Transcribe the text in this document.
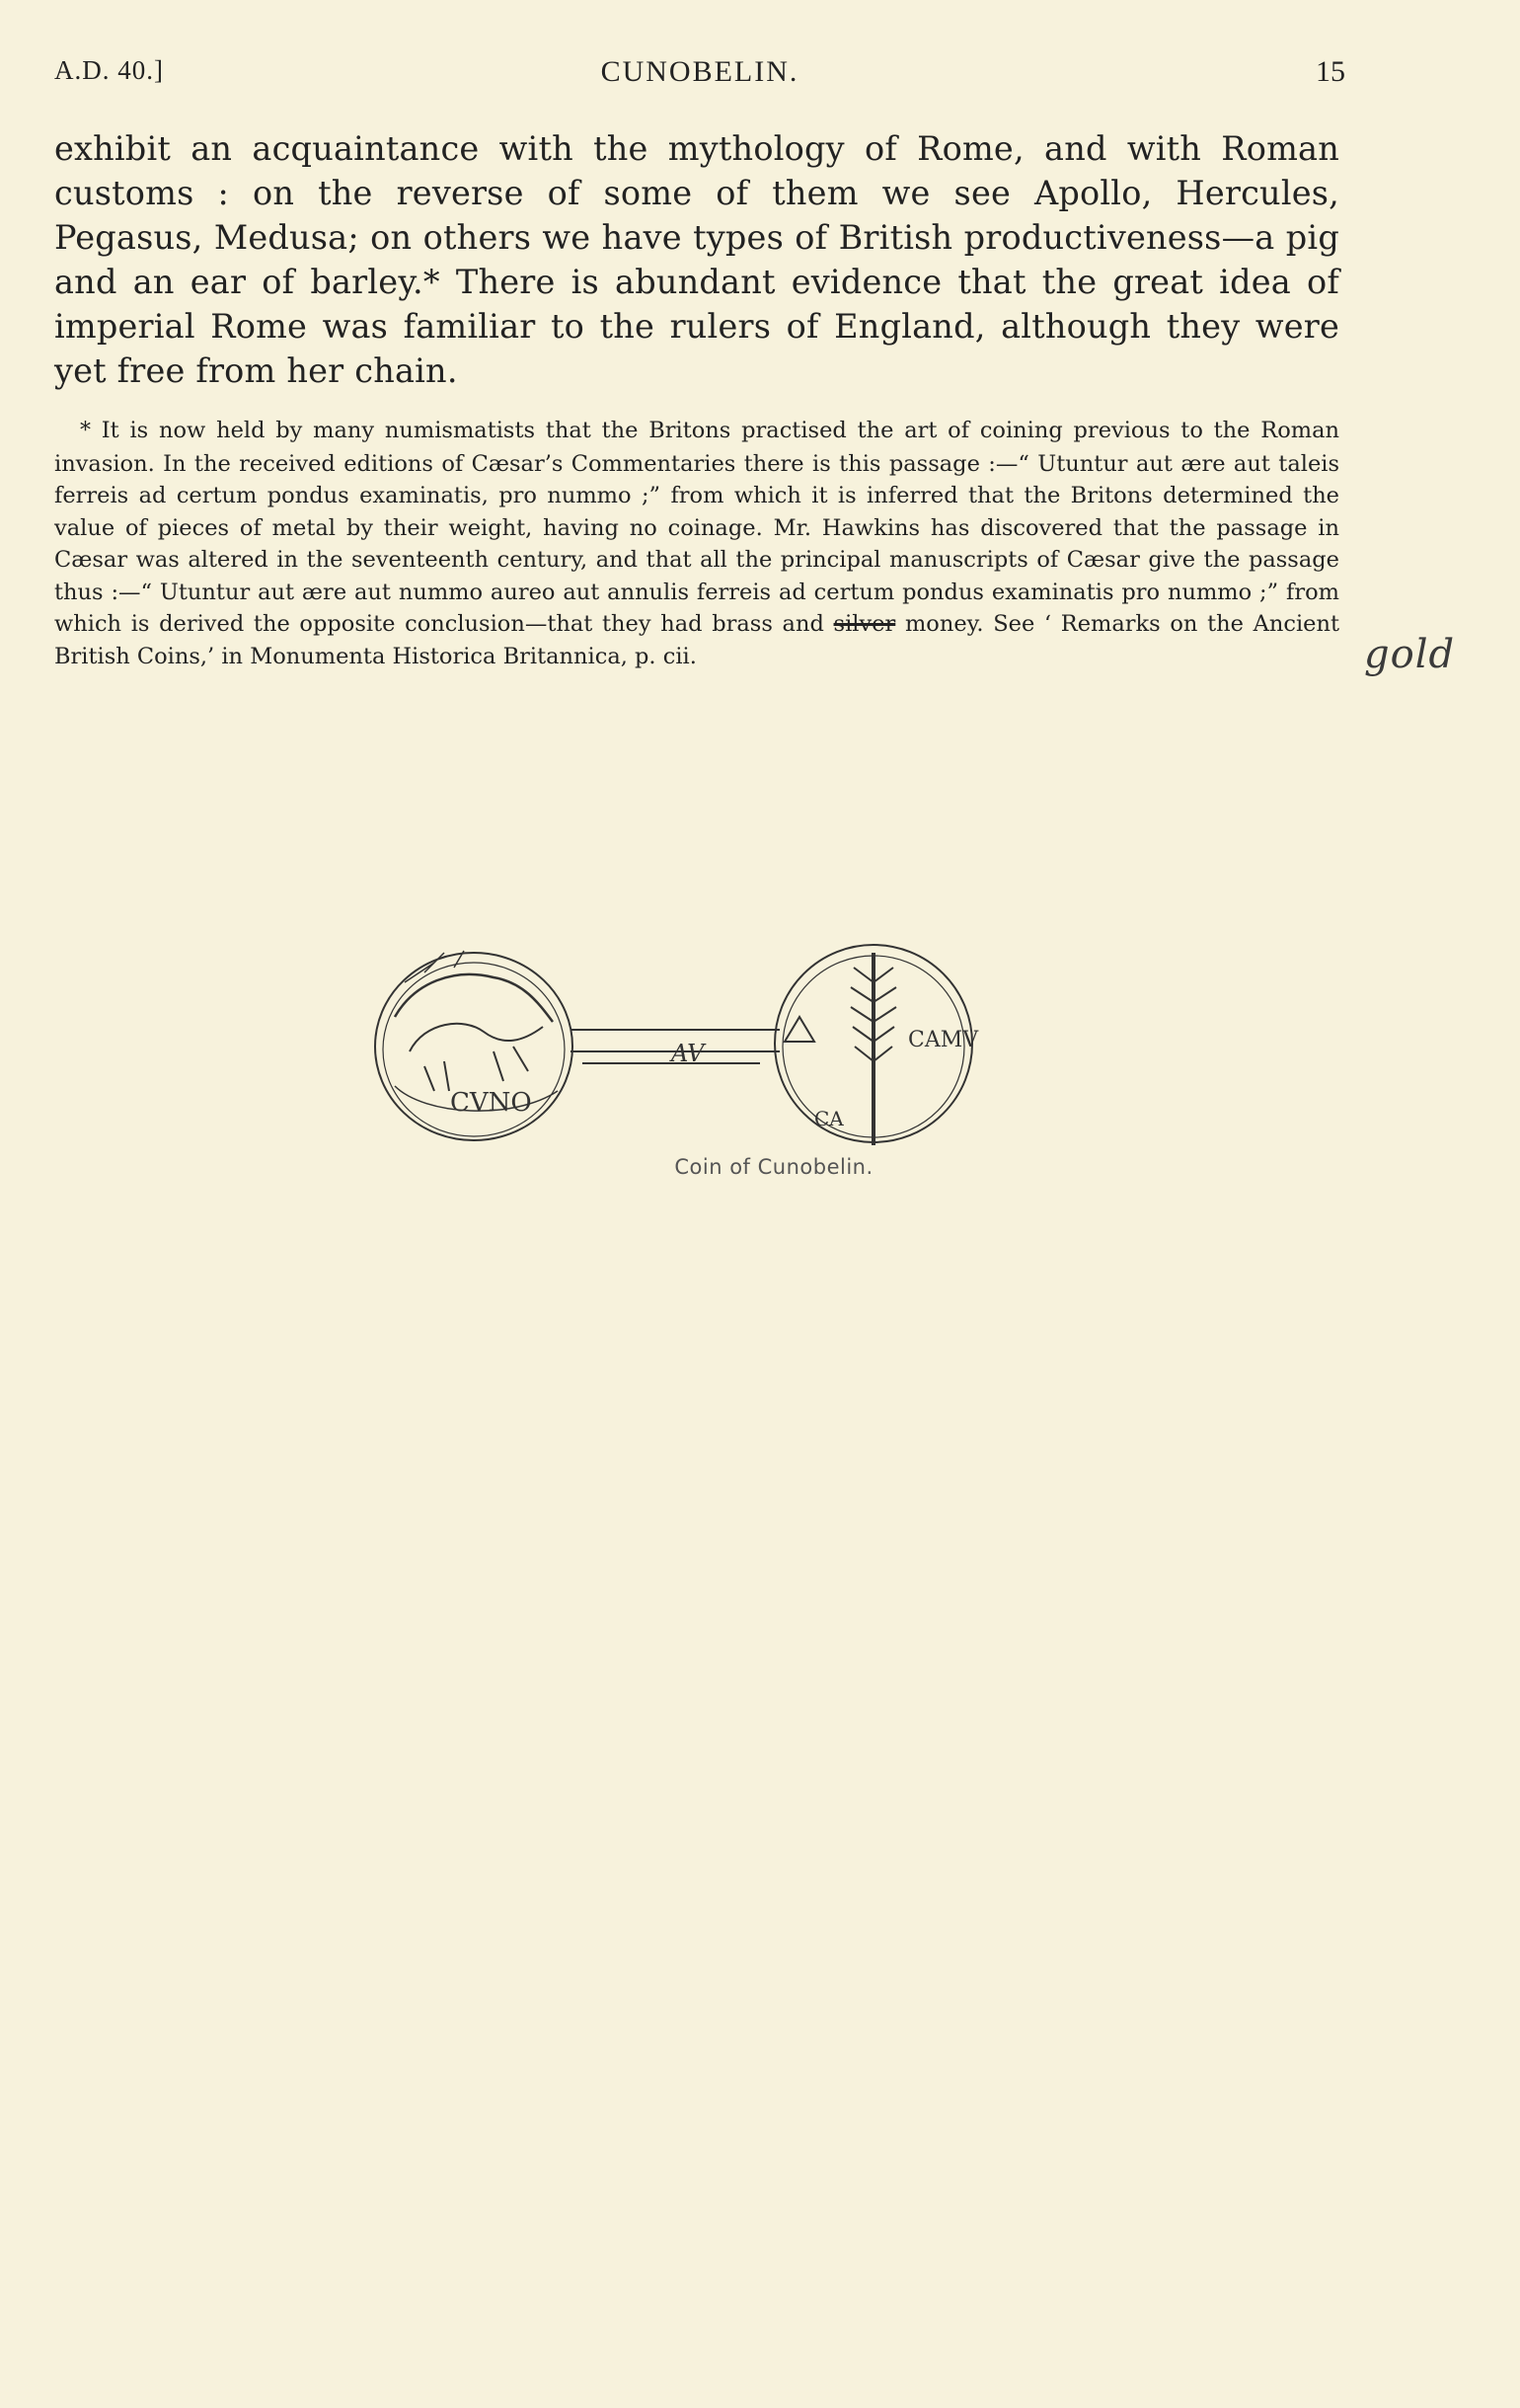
A.D. 40.]	CUNOBELIN.	15
exhibit an acquaintance with the mythology of Rome, and with Roman customs : on the reverse of some of them we see Apollo, Hercules, Pegasus, Medusa; on others we have types of British productiveness—a pig and an ear of barley.* There is abundant evidence that the great idea of imperial Rome was familiar to the rulers of England, although they were yet free from her chain.
* It is now held by many numismatists that the Britons practised the art of coining previous to the Roman invasion. In the received editions of Cæsar’s Commentaries there is this passage :—“ Utuntur aut ære aut taleis ferreis ad certum pondus examinatis, pro nummo ;” from which it is inferred that the Britons determined the value of pieces of metal by their weight, having no coinage. Mr. Hawkins has discovered that the passage in Cæsar was altered in the seventeenth century, and that all the principal manuscripts of Cæsar give the passage thus :—“ Utuntur aut ære aut nummo aureo aut annulis ferreis ad certum pondus examinatis pro nummo ;” from which is derived the opposite conclusion—that they had brass and silver money. See ‘ Remarks on the Ancient British Coins,’ in Monumenta Historica Britannica, p. cii.	gold
CVNO
AV	CAMV
CA
Coin of Cunobelin.
